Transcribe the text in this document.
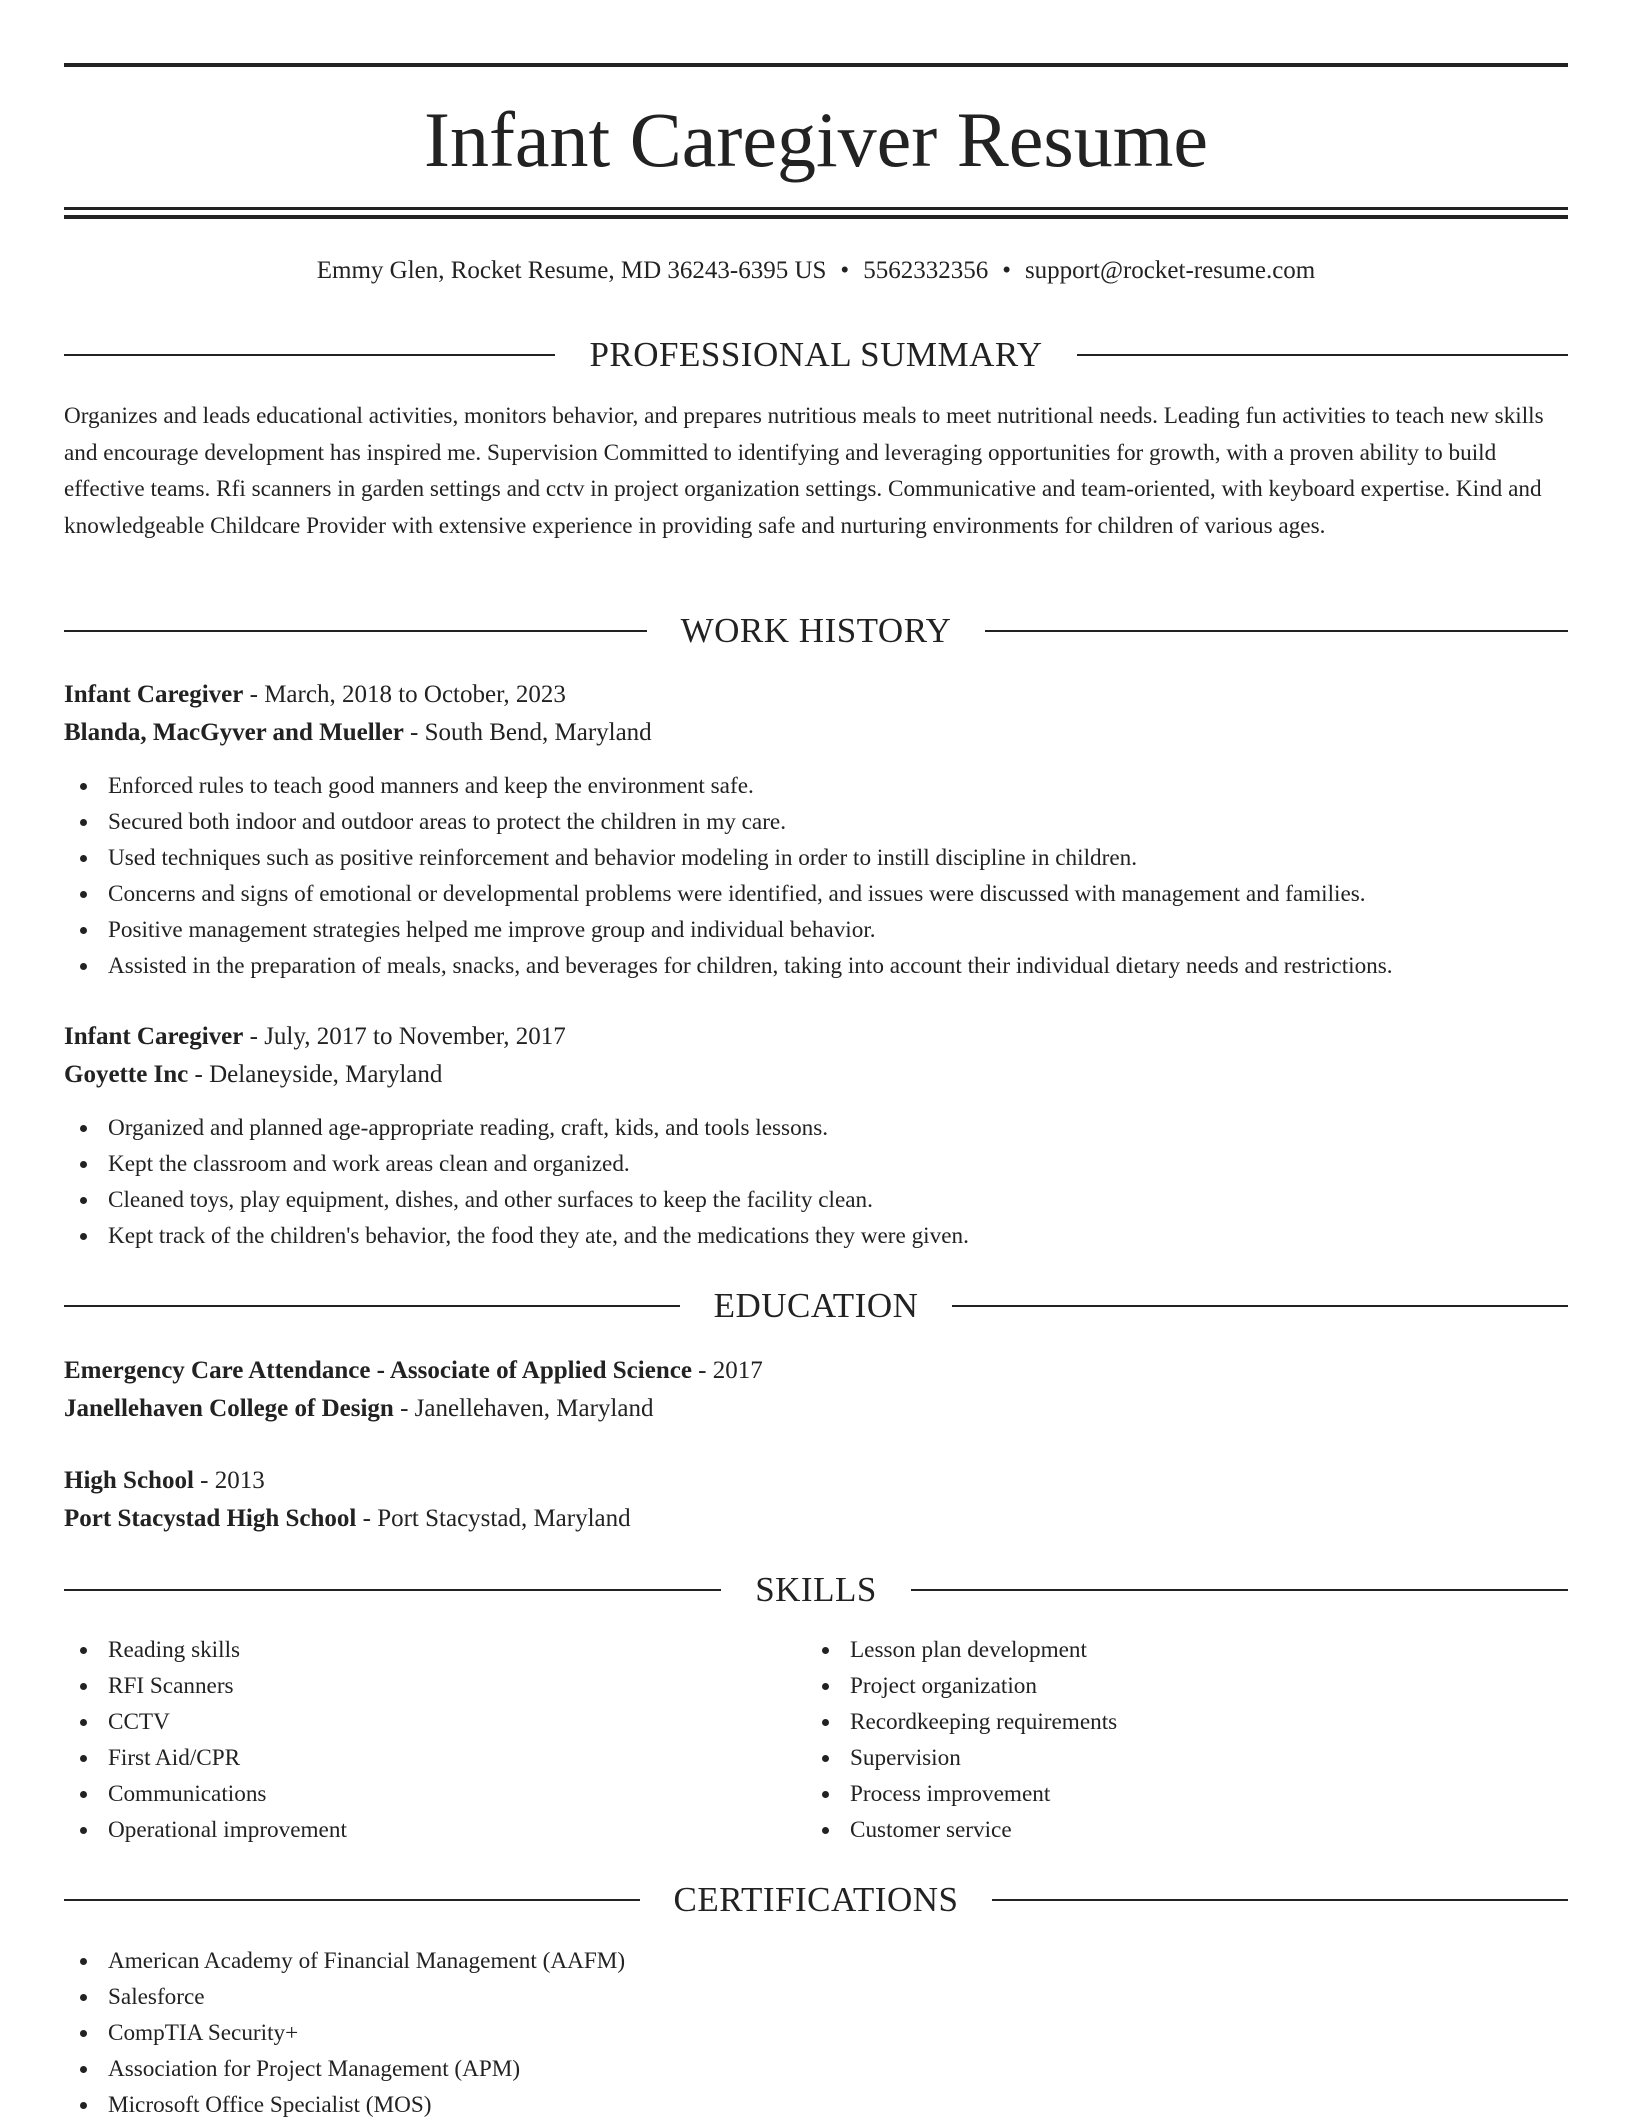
Infant Caregiver Resume
Emmy Glen, Rocket Resume, MD 36243-6395 US • 5562332356 • support@rocket-resume.com
PROFESSIONAL SUMMARY

Organizes and leads educational activities, monitors behavior, and prepares nutritious meals to meet nutritional needs. Leading fun activities to teach new skills and encourage development has inspired me. Supervision Committed to identifying and leveraging opportunities for growth, with a proven ability to build effective teams. Rfi scanners in garden settings and cctv in project organization settings. Communicative and team-oriented, with keyboard expertise. Kind and knowledgeable Childcare Provider with extensive experience in providing safe and nurturing environments for children of various ages.

WORK HISTORY
Infant Caregiver - March, 2018 to October, 2023
Blanda, MacGyver and Mueller - South Bend, Maryland
Enforced rules to teach good manners and keep the environment safe.
Secured both indoor and outdoor areas to protect the children in my care.
Used techniques such as positive reinforcement and behavior modeling in order to instill discipline in children.
Concerns and signs of emotional or developmental problems were identified, and issues were discussed with management and families.
Positive management strategies helped me improve group and individual behavior.
Assisted in the preparation of meals, snacks, and beverages for children, taking into account their individual dietary needs and restrictions.
Infant Caregiver - July, 2017 to November, 2017
Goyette Inc - Delaneyside, Maryland
Organized and planned age-appropriate reading, craft, kids, and tools lessons.
Kept the classroom and work areas clean and organized.
Cleaned toys, play equipment, dishes, and other surfaces to keep the facility clean.
Kept track of the children's behavior, the food they ate, and the medications they were given.
EDUCATION
Emergency Care Attendance - Associate of Applied Science - 2017
Janellehaven College of Design - Janellehaven, Maryland
High School - 2013
Port Stacystad High School - Port Stacystad, Maryland
SKILLS
Reading skills
RFI Scanners
CCTV
First Aid/CPR
Communications
Operational improvement
Lesson plan development
Project organization
Recordkeeping requirements
Supervision
Process improvement
Customer service
CERTIFICATIONS
American Academy of Financial Management (AAFM)
Salesforce
CompTIA Security+
Association for Project Management (APM)
Microsoft Office Specialist (MOS)
